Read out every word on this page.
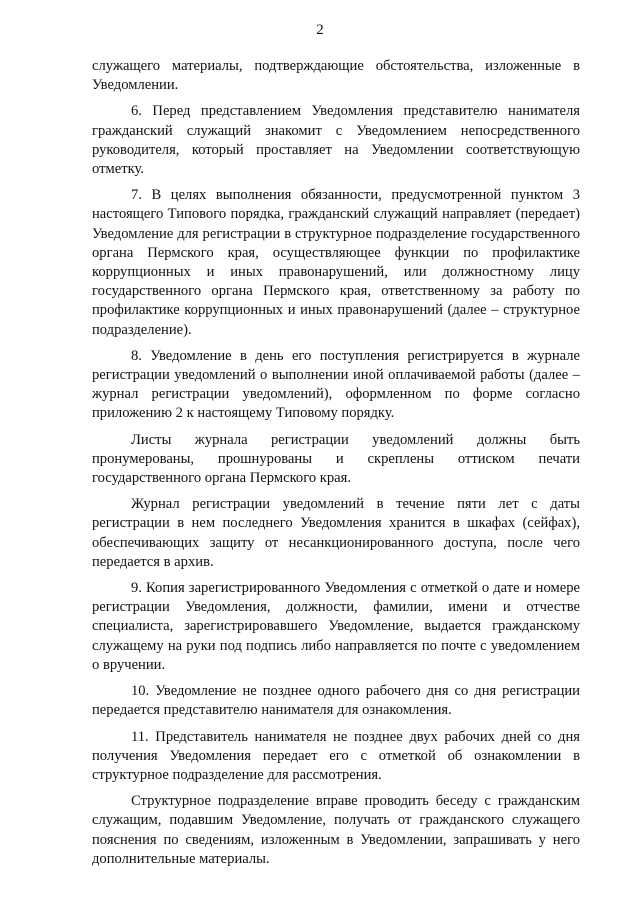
2

служащего материалы, подтверждающие обстоятельства, изложенные в Уведомлении.

6. Перед представлением Уведомления представителю нанимателя гражданский служащий знакомит с Уведомлением непосредственного руководителя, который проставляет на Уведомлении соответствующую отметку.

7. В целях выполнения обязанности, предусмотренной пунктом 3 настоящего Типового порядка, гражданский служащий направляет (передает) Уведомление для регистрации в структурное подразделение государственного органа Пермского края, осуществляющее функции по профилактике коррупционных и иных правонарушений, или должностному лицу государственного органа Пермского края, ответственному за работу по профилактике коррупционных и иных правонарушений (далее – структурное подразделение).

8. Уведомление в день его поступления регистрируется в журнале регистрации уведомлений о выполнении иной оплачиваемой работы (далее – журнал регистрации уведомлений), оформленном по форме согласно приложению 2 к настоящему Типовому порядку.

Листы журнала регистрации уведомлений должны быть пронумерованы, прошнурованы и скреплены оттиском печати государственного органа Пермского края.

Журнал регистрации уведомлений в течение пяти лет с даты регистрации в нем последнего Уведомления хранится в шкафах (сейфах), обеспечивающих защиту от несанкционированного доступа, после чего передается в архив.

9. Копия зарегистрированного Уведомления с отметкой о дате и номере регистрации Уведомления, должности, фамилии, имени и отчестве специалиста, зарегистрировавшего Уведомление, выдается гражданскому служащему на руки под подпись либо направляется по почте с уведомлением о вручении.

10. Уведомление не позднее одного рабочего дня со дня регистрации передается представителю нанимателя для ознакомления.

11. Представитель нанимателя не позднее двух рабочих дней со дня получения Уведомления передает его с отметкой об ознакомлении в структурное подразделение для рассмотрения.

Структурное подразделение вправе проводить беседу с гражданским служащим, подавшим Уведомление, получать от гражданского служащего пояснения по сведениям, изложенным в Уведомлении, запрашивать у него дополнительные материалы.
